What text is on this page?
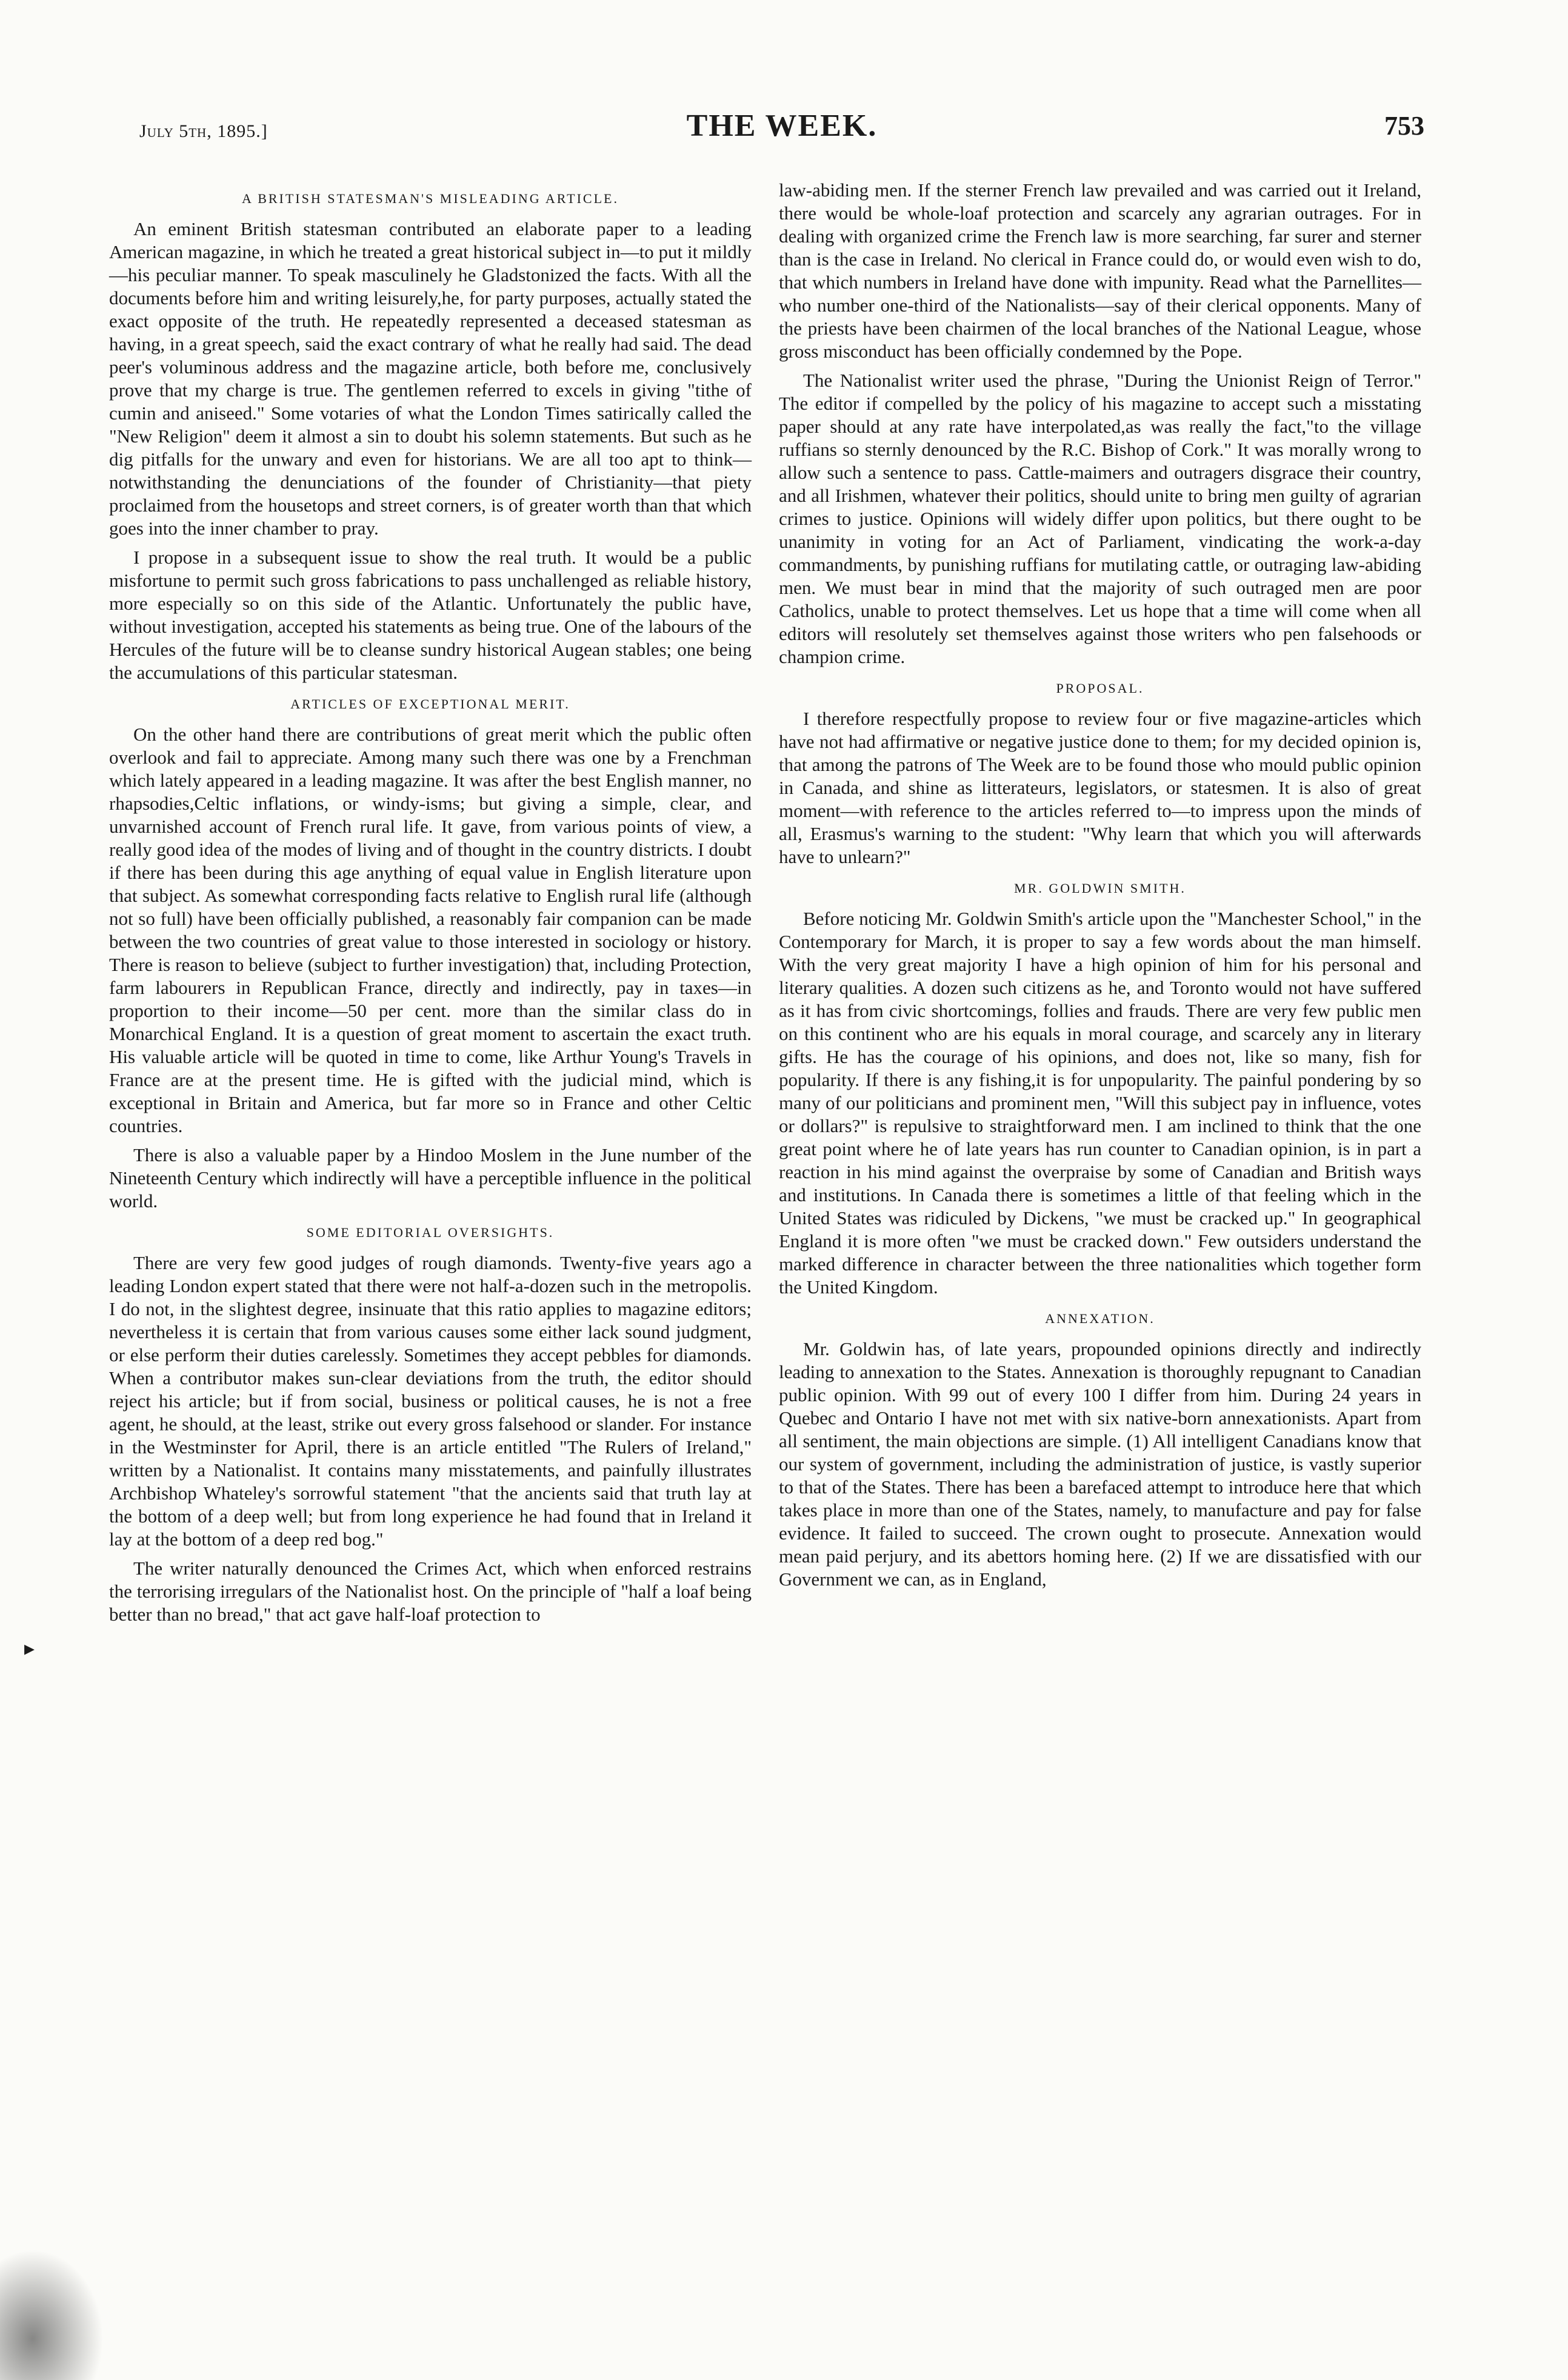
July 5th, 1895.]	THE WEEK.	753
A BRITISH STATESMAN'S MISLEADING ARTICLE.

An eminent British statesman contributed an elaborate paper to a leading American magazine, in which he treated a great historical subject in—to put it mildly—his peculiar manner. To speak masculinely he Gladstonized the facts. With all the documents before him and writing leisurely,he, for party purposes, actually stated the exact opposite of the truth. He repeatedly represented a deceased statesman as having, in a great speech, said the exact contrary of what he really had said. The dead peer's voluminous address and the magazine article, both before me, conclusively prove that my charge is true. The gentlemen referred to excels in giving "tithe of cumin and aniseed." Some votaries of what the London Times satirically called the "New Religion" deem it almost a sin to doubt his solemn statements. But such as he dig pitfalls for the unwary and even for historians. We are all too apt to think—notwithstanding the denunciations of the founder of Christianity—that piety proclaimed from the housetops and street corners, is of greater worth than that which goes into the inner chamber to pray.

I propose in a subsequent issue to show the real truth. It would be a public misfortune to permit such gross fabrications to pass unchallenged as reliable history, more especially so on this side of the Atlantic. Unfortunately the public have, without investigation, accepted his statements as being true. One of the labours of the Hercules of the future will be to cleanse sundry historical Augean stables; one being the accumulations of this particular statesman.

ARTICLES OF EXCEPTIONAL MERIT.

On the other hand there are contributions of great merit which the public often overlook and fail to appreciate. Among many such there was one by a Frenchman which lately appeared in a leading magazine. It was after the best English manner, no rhapsodies,Celtic inflations, or windy-isms; but giving a simple, clear, and unvarnished account of French rural life. It gave, from various points of view, a really good idea of the modes of living and of thought in the country districts. I doubt if there has been during this age anything of equal value in English literature upon that subject. As somewhat corresponding facts relative to English rural life (although not so full) have been officially published, a reasonably fair companion can be made between the two countries of great value to those interested in sociology or history. There is reason to believe (subject to further investigation) that, including Protection, farm labourers in Republican France, directly and indirectly, pay in taxes—in proportion to their income—50 per cent. more than the similar class do in Monarchical England. It is a question of great moment to ascertain the exact truth. His valuable article will be quoted in time to come, like Arthur Young's Travels in France are at the present time. He is gifted with the judicial mind, which is exceptional in Britain and America, but far more so in France and other Celtic countries.

There is also a valuable paper by a Hindoo Moslem in the June number of the Nineteenth Century which indirectly will have a perceptible influence in the political world.

SOME EDITORIAL OVERSIGHTS.

There are very few good judges of rough diamonds. Twenty-five years ago a leading London expert stated that there were not half-a-dozen such in the metropolis. I do not, in the slightest degree, insinuate that this ratio applies to magazine editors; nevertheless it is certain that from various causes some either lack sound judgment, or else perform their duties carelessly. Sometimes they accept pebbles for diamonds. When a contributor makes sun-clear deviations from the truth, the editor should reject his article; but if from social, business or political causes, he is not a free agent, he should, at the least, strike out every gross falsehood or slander. For instance in the Westminster for April, there is an article entitled "The Rulers of Ireland," written by a Nationalist. It contains many misstatements, and painfully illustrates Archbishop Whateley's sorrowful statement "that the ancients said that truth lay at the bottom of a deep well; but from long experience he had found that in Ireland it lay at the bottom of a deep red bog."

The writer naturally denounced the Crimes Act, which when enforced restrains the terrorising irregulars of the Nationalist host. On the principle of "half a loaf being better than no bread," that act gave half-loaf protection to

law-abiding men. If the sterner French law prevailed and was carried out it Ireland, there would be whole-loaf protection and scarcely any agrarian outrages. For in dealing with organized crime the French law is more searching, far surer and sterner than is the case in Ireland. No clerical in France could do, or would even wish to do, that which numbers in Ireland have done with impunity. Read what the Parnellites—who number one-third of the Nationalists—say of their clerical opponents. Many of the priests have been chairmen of the local branches of the National League, whose gross misconduct has been officially condemned by the Pope.

The Nationalist writer used the phrase, "During the Unionist Reign of Terror." The editor if compelled by the policy of his magazine to accept such a misstating paper should at any rate have interpolated,as was really the fact,"to the village ruffians so sternly denounced by the R.C. Bishop of Cork." It was morally wrong to allow such a sentence to pass. Cattle-maimers and outragers disgrace their country, and all Irishmen, whatever their politics, should unite to bring men guilty of agrarian crimes to justice. Opinions will widely differ upon politics, but there ought to be unanimity in voting for an Act of Parliament, vindicating the work-a-day commandments, by punishing ruffians for mutilating cattle, or outraging law-abiding men. We must bear in mind that the majority of such outraged men are poor Catholics, unable to protect themselves. Let us hope that a time will come when all editors will resolutely set themselves against those writers who pen falsehoods or champion crime.

PROPOSAL.

I therefore respectfully propose to review four or five magazine-articles which have not had affirmative or negative justice done to them; for my decided opinion is, that among the patrons of The Week are to be found those who mould public opinion in Canada, and shine as litterateurs, legislators, or statesmen. It is also of great moment—with reference to the articles referred to—to impress upon the minds of all, Erasmus's warning to the student: "Why learn that which you will afterwards have to unlearn?"

MR. GOLDWIN SMITH.

Before noticing Mr. Goldwin Smith's article upon the "Manchester School," in the Contemporary for March, it is proper to say a few words about the man himself. With the very great majority I have a high opinion of him for his personal and literary qualities. A dozen such citizens as he, and Toronto would not have suffered as it has from civic shortcomings, follies and frauds. There are very few public men on this continent who are his equals in moral courage, and scarcely any in literary gifts. He has the courage of his opinions, and does not, like so many, fish for popularity. If there is any fishing,it is for unpopularity. The painful pondering by so many of our politicians and prominent men, "Will this subject pay in influence, votes or dollars?" is repulsive to straightforward men. I am inclined to think that the one great point where he of late years has run counter to Canadian opinion, is in part a reaction in his mind against the overpraise by some of Canadian and British ways and institutions. In Canada there is sometimes a little of that feeling which in the United States was ridiculed by Dickens, "we must be cracked up." In geographical England it is more often "we must be cracked down." Few outsiders understand the marked difference in character between the three nationalities which together form the United Kingdom.

ANNEXATION.

Mr. Goldwin has, of late years, propounded opinions directly and indirectly leading to annexation to the States. Annexation is thoroughly repugnant to Canadian public opinion. With 99 out of every 100 I differ from him. During 24 years in Quebec and Ontario I have not met with six native-born annexationists. Apart from all sentiment, the main objections are simple. (1) All intelligent Canadians know that our system of government, including the administration of justice, is vastly superior to that of the States. There has been a barefaced attempt to introduce here that which takes place in more than one of the States, namely, to manufacture and pay for false evidence. It failed to succeed. The crown ought to prosecute. Annexation would mean paid perjury, and its abettors homing here. (2) If we are dissatisfied with our Government we can, as in England,

▸
